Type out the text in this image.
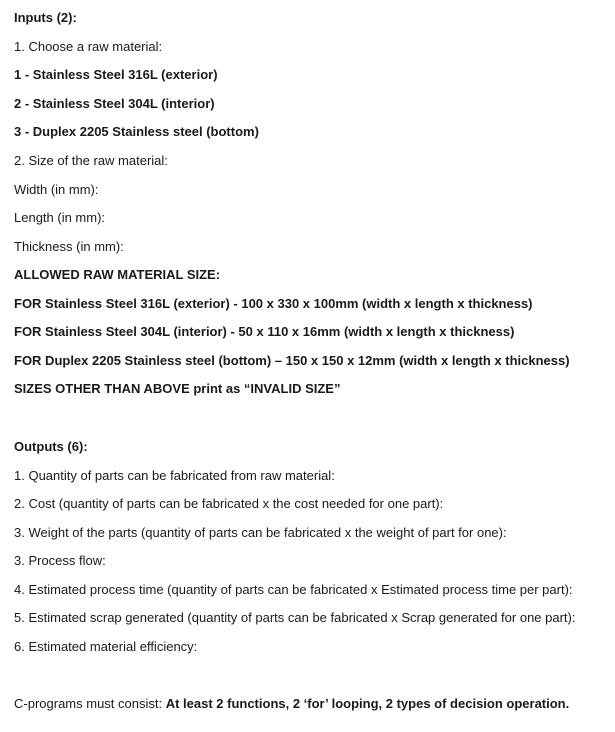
Inputs (2):
1. Choose a raw material:
1 - Stainless Steel 316L (exterior)
2 - Stainless Steel 304L (interior)
3 - Duplex 2205 Stainless steel (bottom)
2. Size of the raw material:
Width (in mm):
Length (in mm):
Thickness (in mm):
ALLOWED RAW MATERIAL SIZE:
FOR Stainless Steel 316L (exterior) - 100 x 330 x 100mm (width x length x thickness)
FOR Stainless Steel 304L (interior) - 50 x 110 x 16mm (width x length x thickness)
FOR Duplex 2205 Stainless steel (bottom) – 150 x 150 x 12mm (width x length x thickness)
SIZES OTHER THAN ABOVE print as “INVALID SIZE”
Outputs (6):
1. Quantity of parts can be fabricated from raw material:
2. Cost (quantity of parts can be fabricated x the cost needed for one part):
3. Weight of the parts (quantity of parts can be fabricated x the weight of part for one):
3. Process flow:
4. Estimated process time (quantity of parts can be fabricated x Estimated process time per part):
5. Estimated scrap generated (quantity of parts can be fabricated x Scrap generated for one part):
6. Estimated material efficiency:
C-programs must consist: At least 2 functions, 2 ‘for’ looping, 2 types of decision operation.
